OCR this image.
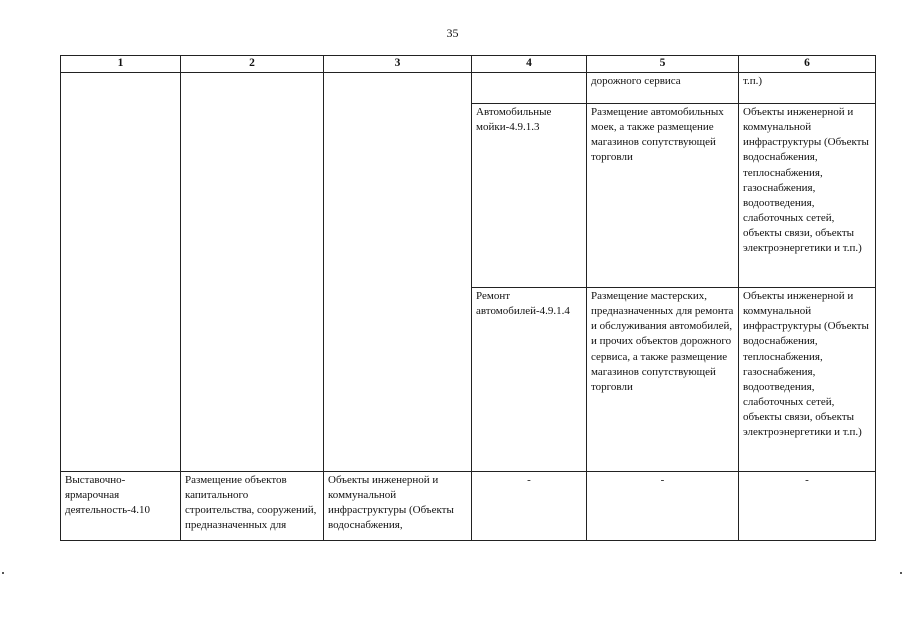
35
1	2	3	4	5	6
				дорожного сервиса	т.п.)
			Автомобильные мойки-4.9.1.3	Размещение автомобильных моек, а также размещение магазинов сопутствующей торговли	Объекты инженерной и коммунальной инфраструктуры (Объекты водоснабжения, теплоснабжения, газоснабжения, водоотведения, слаботочных сетей, объекты связи, объекты электроэнергетики и т.п.)
			Ремонт автомобилей-4.9.1.4	Размещение мастерских, предназначенных для ремонта и обслуживания автомобилей, и прочих объектов дорожного сервиса, а также размещение магазинов сопутствующей торговли	Объекты инженерной и коммунальной инфраструктуры (Объекты водоснабжения, теплоснабжения, газоснабжения, водоотведения, слаботочных сетей, объекты связи, объекты электроэнергетики и т.п.)
Выставочно-ярмарочная деятельность-4.10	Размещение объектов капитального строительства, сооружений, предназначенных для	Объекты инженерной и коммунальной инфраструктуры (Объекты водоснабжения,	-	-	-
